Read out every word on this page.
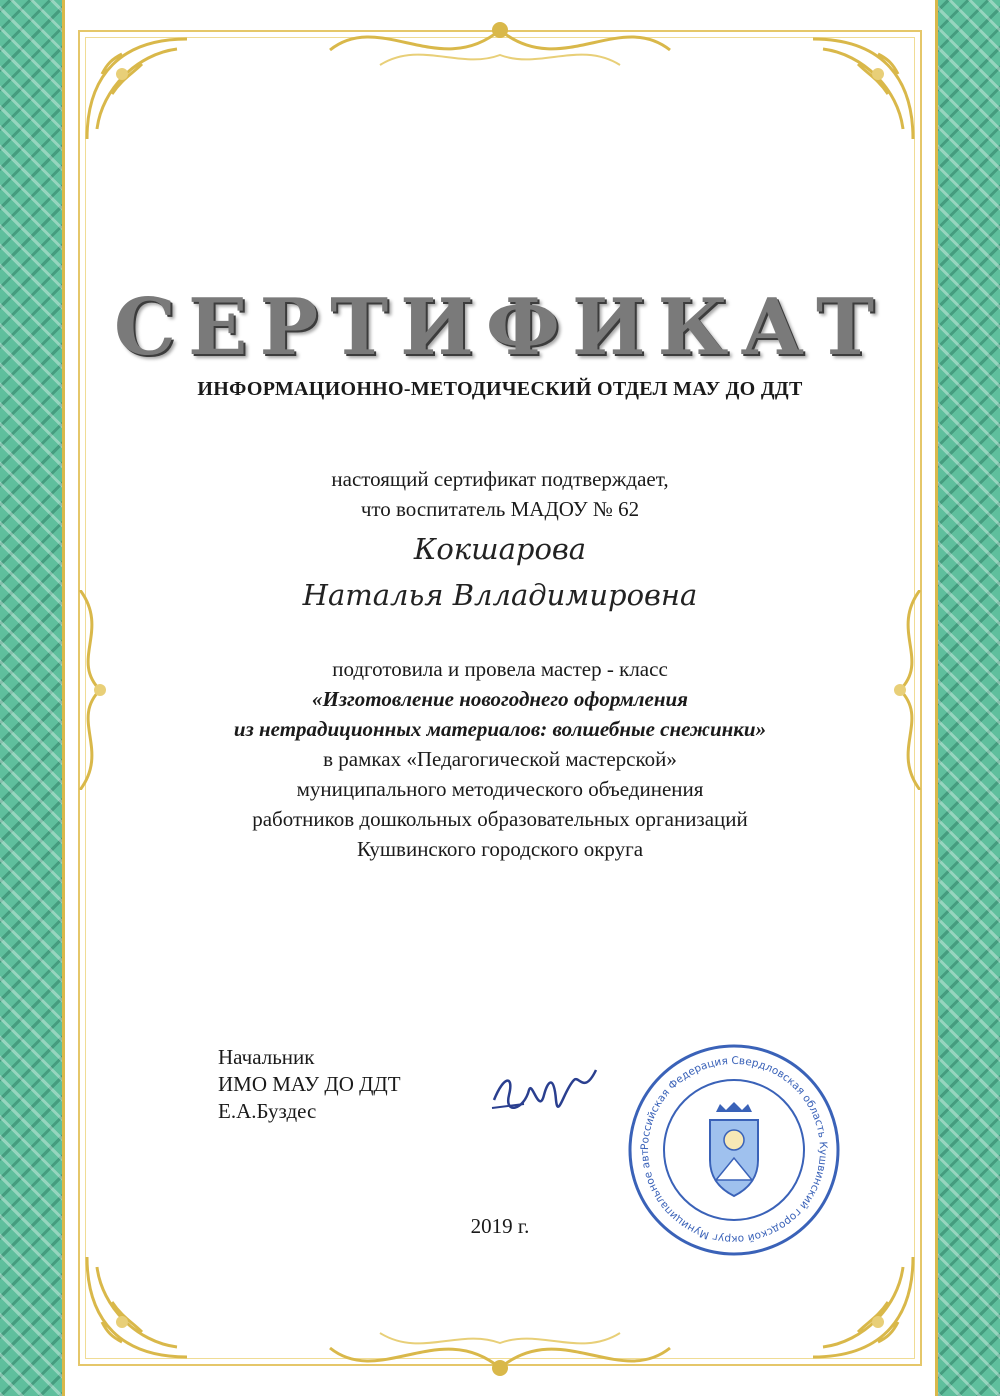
СЕРТИФИКАТ
ИНФОРМАЦИОННО-МЕТОДИЧЕСКИЙ ОТДЕЛ МАУ ДО ДДТ
настоящий сертификат подтверждает,
что воспитатель МАДОУ № 62
Кокшарова
Наталья Влладимировна
подготовила и провела мастер - класс
«Изготовление новогоднего оформления
из нетрадиционных материалов: волшебные снежинки»
в рамках «Педагогической мастерской»
муниципального методического объединения
работников дошкольных образовательных организаций
Кушвинского городского округа
Начальник
ИМО МАУ ДО ДДТ
Е.А.Буздес
Российская Федерация Свердловская область Кушвинский городской округ Муниципальное авт
2019 г.
